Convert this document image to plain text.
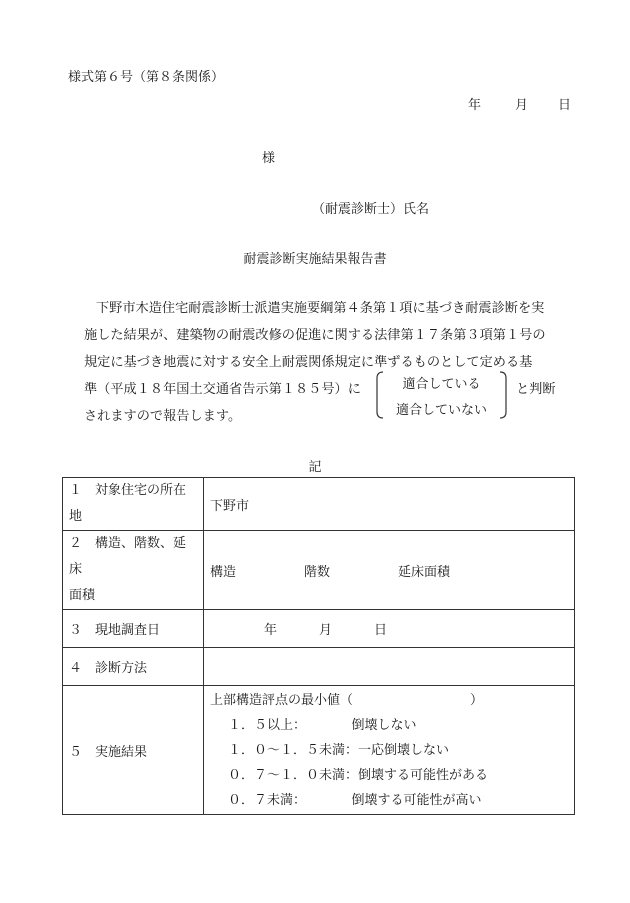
様式第６号（第８条関係）
年	月 日
様
（耐震診断士）氏名
耐震診断実施結果報告書
下野市木造住宅耐震診断士派遣実施要綱第４条第１項に基づき耐震診断を実
施した結果が、建築物の耐震改修の促進に関する法律第１７条第３項第１号の
規定に基づき地震に対する安全上耐震関係規定に準ずるものとして定める基
準（平成１８年国土交通省告示第１８５号）に	と判断
されますので報告します。
適合している
適合していない
記
１　対象住宅の所在
地	下野市

２　構造、階数、延床
面積	構造 階数 延床面積

３　現地調査日	年 月 日

４　診断方法	
５　実施結果	上部構造評点の最小値（　　　　　　　　　）
１．５以上：　　　　倒壊しない
１．０～１．５未満：一応倒壊しない
０．７～１．０未満：倒壊する可能性がある
０．７未満：　　　　倒壊する可能性が高い
